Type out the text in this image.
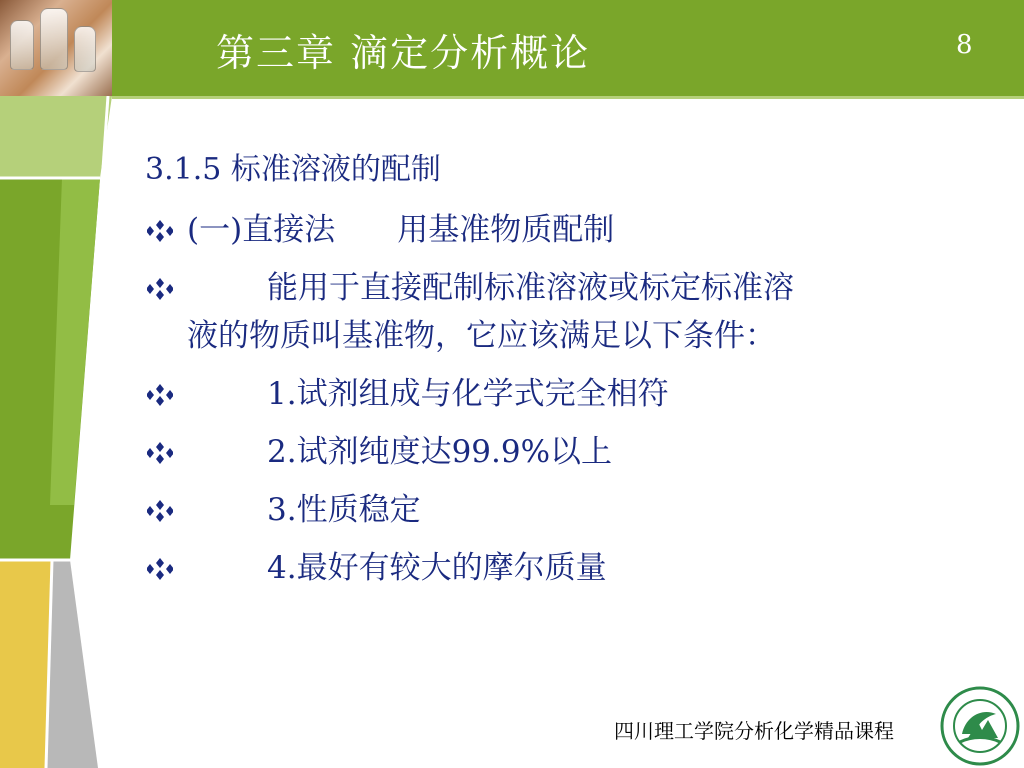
第三章 滴定分析概论	8
3.1.5 标准溶液的配制
(一)直接法 用基准物质配制
能用于直接配制标准溶液或标定标准溶
液的物质叫基准物，它应该满足以下条件：
1.试剂组成与化学式完全相符
2.试剂纯度达99.9%以上
3.性质稳定
4.最好有较大的摩尔质量
四川理工学院分析化学精品课程
